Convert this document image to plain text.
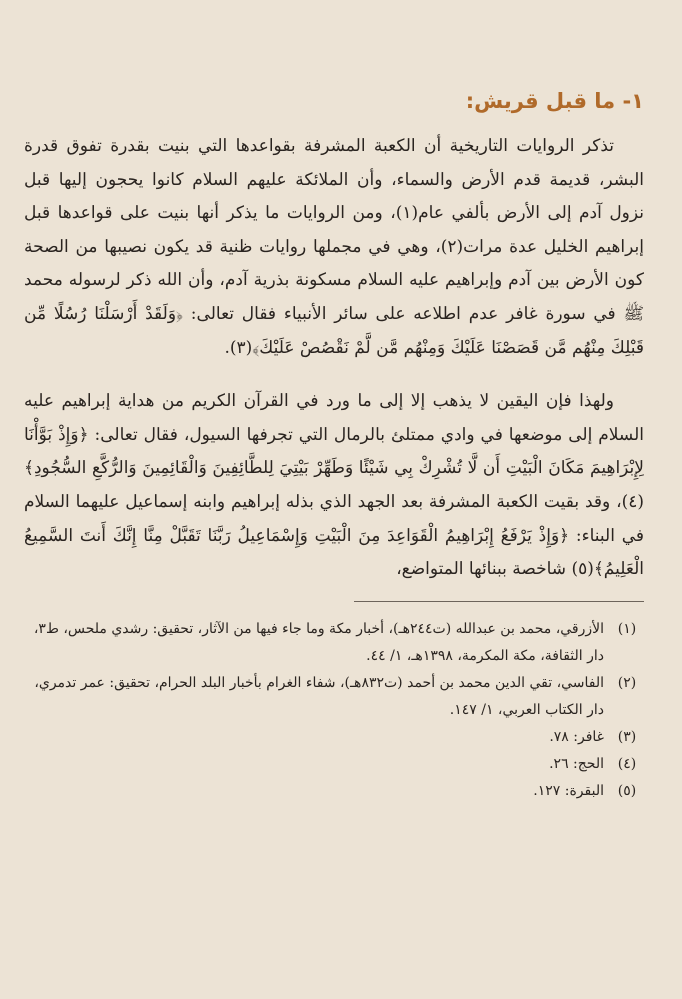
١- ما قبل قريش:

تذكر الروايات التاريخية أن الكعبة المشرفة بقواعدها التي بنيت بقدرة تفوق قدرة البشر، قديمة قدم الأرض والسماء، وأن الملائكة عليهم السلام كانوا يحجون إليها قبل نزول آدم إلى الأرض بألفي عام(١)، ومن الروايات ما يذكر أنها بنيت على قواعدها قبل إبراهيم الخليل عدة مرات(٢)، وهي في مجملها روايات ظنية قد يكون نصيبها من الصحة كون الأرض بين آدم وإبراهيم عليه السلام مسكونة بذرية آدم، وأن الله ذكر لرسوله محمد ﷺ في سورة غافر عدم اطلاعه على سائر الأنبياء فقال تعالى: ﴿وَلَقَدْ أَرْسَلْنَا رُسُلًا مِّن قَبْلِكَ مِنْهُم مَّن قَصَصْنَا عَلَيْكَ وَمِنْهُم مَّن لَّمْ نَقْصُصْ عَلَيْكَ﴾(٣).

ولهذا فإن اليقين لا يذهب إلا إلى ما ورد في القرآن الكريم من هداية إبراهيم عليه السلام إلى موضعها في وادي ممتلئ بالرمال التي تجرفها السيول، فقال تعالى: ﴿وَإِذْ بَوَّأْنَا لِإِبْرَاهِيمَ مَكَانَ الْبَيْتِ أَن لَّا تُشْرِكْ بِي شَيْئًا وَطَهِّرْ بَيْتِيَ لِلطَّائِفِينَ وَالْقَائِمِينَ وَالرُّكَّعِ السُّجُودِ﴾(٤)، وقد بقيت الكعبة المشرفة بعد الجهد الذي بذله إبراهيم وابنه إسماعيل عليهما السلام في البناء: ﴿وَإِذْ يَرْفَعُ إِبْرَاهِيمُ الْقَوَاعِدَ مِنَ الْبَيْتِ وَإِسْمَاعِيلُ رَبَّنَا تَقَبَّلْ مِنَّا إِنَّكَ أَنتَ السَّمِيعُ الْعَلِيمُ﴾(٥) شاخصة ببنائها المتواضع،

(١)
الأزرقي، محمد بن عبدالله (ت٢٤٤هـ)، أخبار مكة وما جاء فيها من الآثار، تحقيق: رشدي ملحس، ط٣، دار الثقافة، مكة المكرمة، ١٣٩٨هـ، ١/ ٤٤.
(٢)
الفاسي، تقي الدين محمد بن أحمد (ت٨٣٢هـ)، شفاء الغرام بأخبار البلد الحرام، تحقيق: عمر تدمري، دار الكتاب العربي، ١/ ١٤٧.
(٣)
غافر: ٧٨.
(٤)
الحج: ٢٦.
(٥)
البقرة: ١٢٧.
